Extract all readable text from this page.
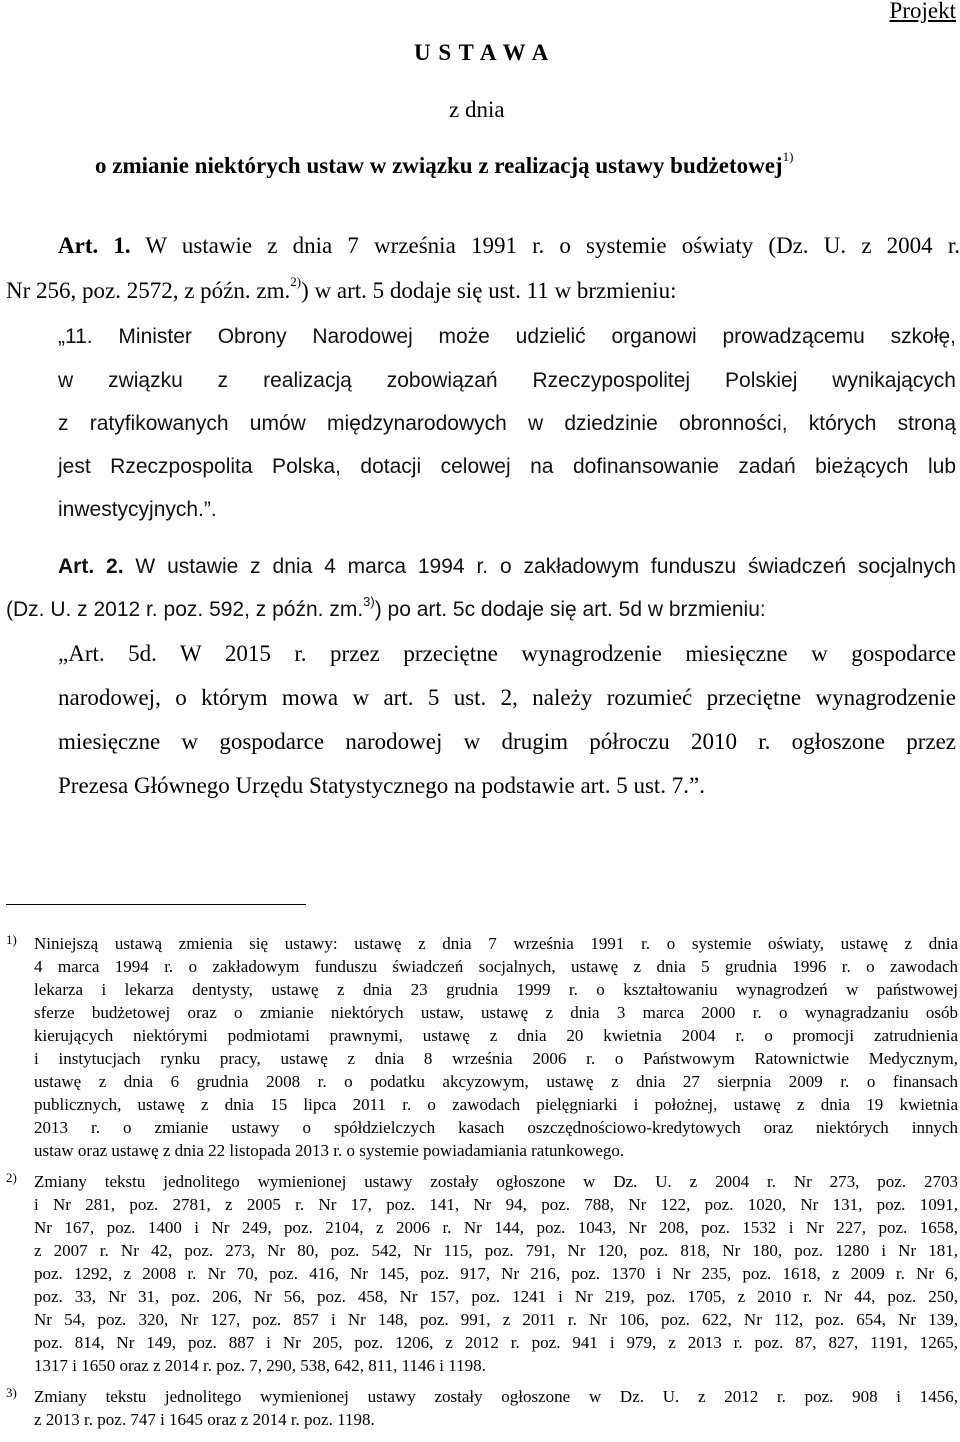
Projekt
U S T A W A
z dnia
o zmianie niektórych ustaw w związku z realizacją ustawy budżetowej$^{1)}$
Art. 1. W ustawie z dnia 7 września 1991 r. o systemie oświaty (Dz. U. z 2004 r.
Nr 256, poz. 2572, z późn. zm.$^{2)}$) w art. 5 dodaje się ust. 11 w brzmieniu:
„11. Minister Obrony Narodowej może udzielić organowi prowadzącemu szkołę,
w związku z realizacją zobowiązań Rzeczypospolitej Polskiej wynikających
z ratyfikowanych umów międzynarodowych w dziedzinie obronności, których stroną
jest Rzeczpospolita Polska, dotacji celowej na dofinansowanie zadań bieżących lub
inwestycyjnych.”.
Art. 2. W ustawie z dnia 4 marca 1994 r. o zakładowym funduszu świadczeń socjalnych
(Dz. U. z 2012 r. poz. 592, z późn. zm.$^{3)}$) po art. 5c dodaje się art. 5d w brzmieniu:
„Art. 5d. W 2015 r. przez przeciętne wynagrodzenie miesięczne w gospodarce
narodowej, o którym mowa w art. 5 ust. 2, należy rozumieć przeciętne wynagrodzenie
miesięczne w gospodarce narodowej w drugim półroczu 2010 r. ogłoszone przez
Prezesa Głównego Urzędu Statystycznego na podstawie art. 5 ust. 7.”.
1) Niniejszą ustawą zmienia się ustawy: ustawę z dnia 7 września 1991 r. o systemie oświaty, ustawę z dnia
4 marca 1994 r. o zakładowym funduszu świadczeń socjalnych, ustawę z dnia 5 grudnia 1996 r. o zawodach
lekarza i lekarza dentysty, ustawę z dnia 23 grudnia 1999 r. o kształtowaniu wynagrodzeń w państwowej
sferze budżetowej oraz o zmianie niektórych ustaw, ustawę z dnia 3 marca 2000 r. o wynagradzaniu osób
kierujących niektórymi podmiotami prawnymi, ustawę z dnia 20 kwietnia 2004 r. o promocji zatrudnienia
i instytucjach rynku pracy, ustawę z dnia 8 września 2006 r. o Państwowym Ratownictwie Medycznym,
ustawę z dnia 6 grudnia 2008 r. o podatku akcyzowym, ustawę z dnia 27 sierpnia 2009 r. o finansach
publicznych, ustawę z dnia 15 lipca 2011 r. o zawodach pielęgniarki i położnej, ustawę z dnia 19 kwietnia
2013 r. o zmianie ustawy o spółdzielczych kasach oszczędnościowo-kredytowych oraz niektórych innych
ustaw oraz ustawę z dnia 22 listopada 2013 r. o systemie powiadamiania ratunkowego.
2) Zmiany tekstu jednolitego wymienionej ustawy zostały ogłoszone w Dz. U. z 2004 r. Nr 273, poz. 2703
i Nr 281, poz. 2781, z 2005 r. Nr 17, poz. 141, Nr 94, poz. 788, Nr 122, poz. 1020, Nr 131, poz. 1091,
Nr 167, poz. 1400 i Nr 249, poz. 2104, z 2006 r. Nr 144, poz. 1043, Nr 208, poz. 1532 i Nr 227, poz. 1658,
z 2007 r. Nr 42, poz. 273, Nr 80, poz. 542, Nr 115, poz. 791, Nr 120, poz. 818, Nr 180, poz. 1280 i Nr 181,
poz. 1292, z 2008 r. Nr 70, poz. 416, Nr 145, poz. 917, Nr 216, poz. 1370 i Nr 235, poz. 1618, z 2009 r. Nr 6,
poz. 33, Nr 31, poz. 206, Nr 56, poz. 458, Nr 157, poz. 1241 i Nr 219, poz. 1705, z 2010 r. Nr 44, poz. 250,
Nr 54, poz. 320, Nr 127, poz. 857 i Nr 148, poz. 991, z 2011 r. Nr 106, poz. 622, Nr 112, poz. 654, Nr 139,
poz. 814, Nr 149, poz. 887 i Nr 205, poz. 1206, z 2012 r. poz. 941 i 979, z 2013 r. poz. 87, 827, 1191, 1265,
1317 i 1650 oraz z 2014 r. poz. 7, 290, 538, 642, 811, 1146 i 1198.
3) Zmiany tekstu jednolitego wymienionej ustawy zostały ogłoszone w Dz. U. z 2012 r. poz. 908 i 1456,
z 2013 r. poz. 747 i 1645 oraz z 2014 r. poz. 1198.
